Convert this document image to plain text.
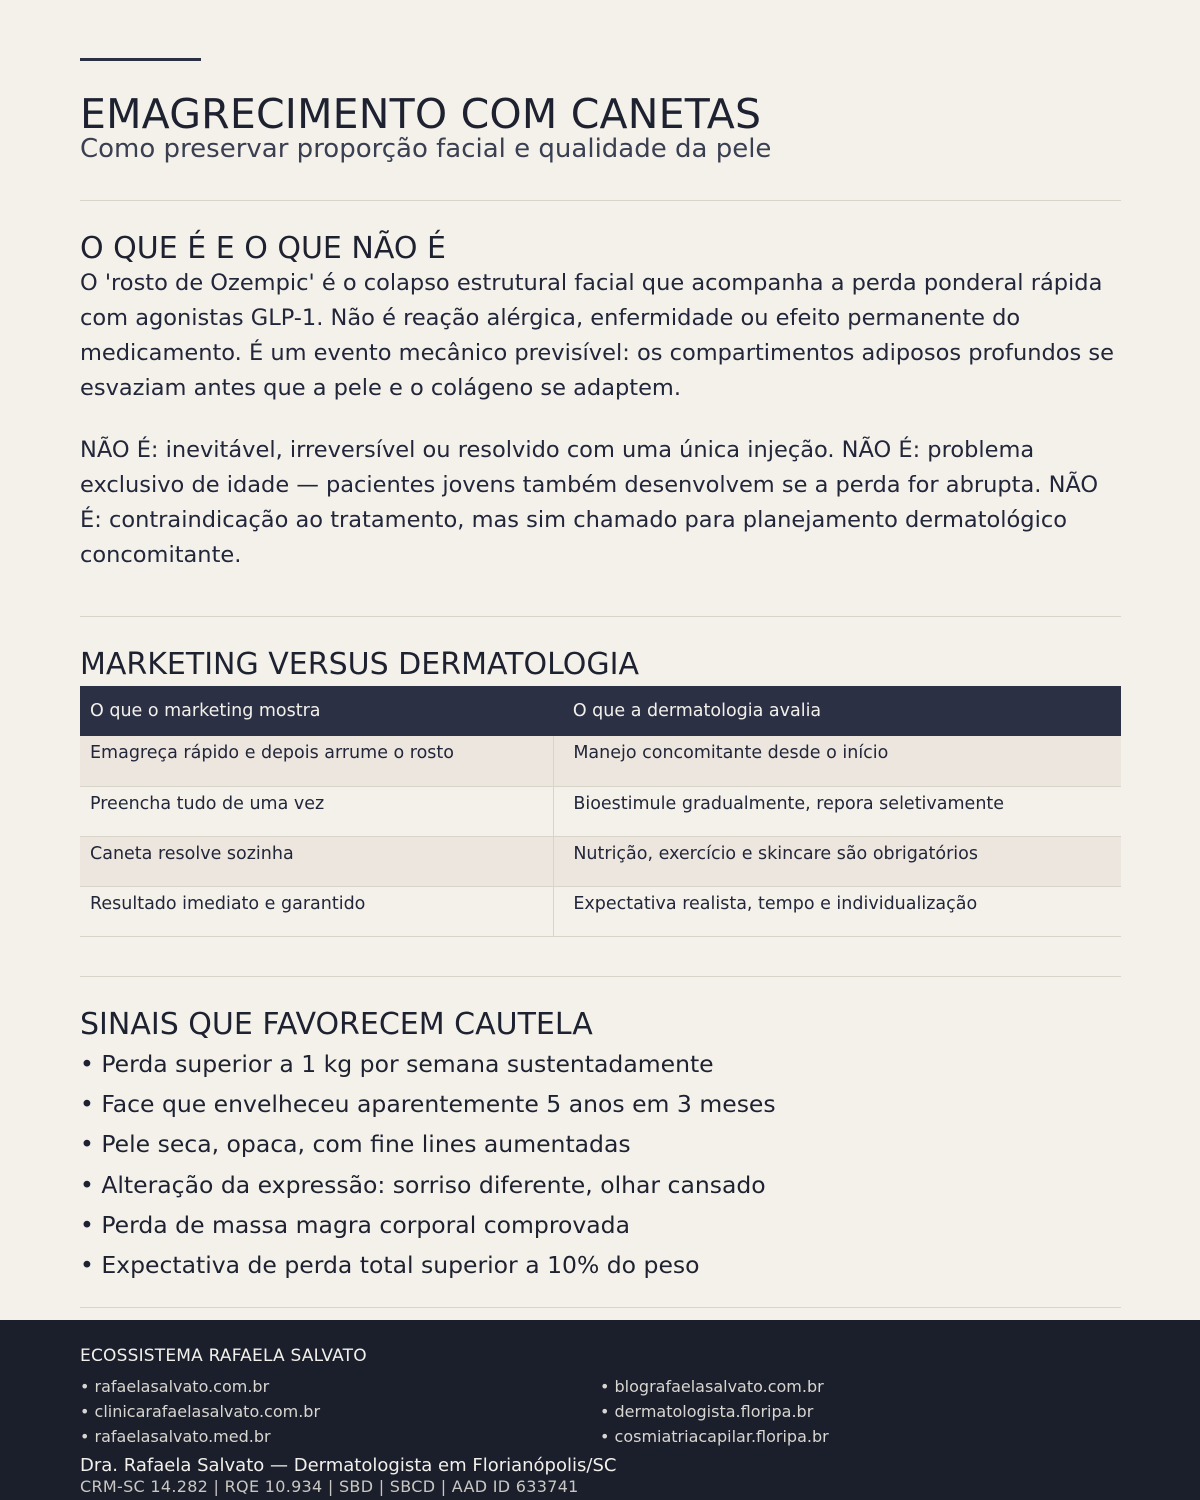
EMAGRECIMENTO COM CANETAS
Como preservar proporção facial e qualidade da pele
O QUE É E O QUE NÃO É

O 'rosto de Ozempic' é o colapso estrutural facial que acompanha a perda ponderal rápida com agonistas GLP-1. Não é reação alérgica, enfermidade ou efeito permanente do medicamento. É um evento mecânico previsível: os compartimentos adiposos profundos se esvaziam antes que a pele e o colágeno se adaptem.

NÃO É: inevitável, irreversível ou resolvido com uma única injeção. NÃO É: problema exclusivo de idade — pacientes jovens também desenvolvem se a perda for abrupta. NÃO É: contraindicação ao tratamento, mas sim chamado para planejamento dermatológico concomitante.

MARKETING VERSUS DERMATOLOGIA
O que o marketing mostra	O que a dermatologia avalia
Emagreça rápido e depois arrume o rosto	Manejo concomitante desde o início
Preencha tudo de uma vez	Bioestimule gradualmente, repora seletivamente
Caneta resolve sozinha	Nutrição, exercício e skincare são obrigatórios
Resultado imediato e garantido	Expectativa realista, tempo e individualização
SINAIS QUE FAVORECEM CAUTELA
• Perda superior a 1 kg por semana sustentadamente
• Face que envelheceu aparentemente 5 anos em 3 meses
• Pele seca, opaca, com fine lines aumentadas
• Alteração da expressão: sorriso diferente, olhar cansado
• Perda de massa magra corporal comprovada
• Expectativa de perda total superior a 10% do peso
ECOSSISTEMA RAFAELA SALVATO
• rafaelasalvato.com.br
• clinicarafaelasalvato.com.br
• rafaelasalvato.med.br
• blografaelasalvato.com.br
• dermatologista.floripa.br
• cosmiatriacapilar.floripa.br
Dra. Rafaela Salvato — Dermatologista em Florianópolis/SC
CRM-SC 14.282 | RQE 10.934 | SBD | SBCD | AAD ID 633741
